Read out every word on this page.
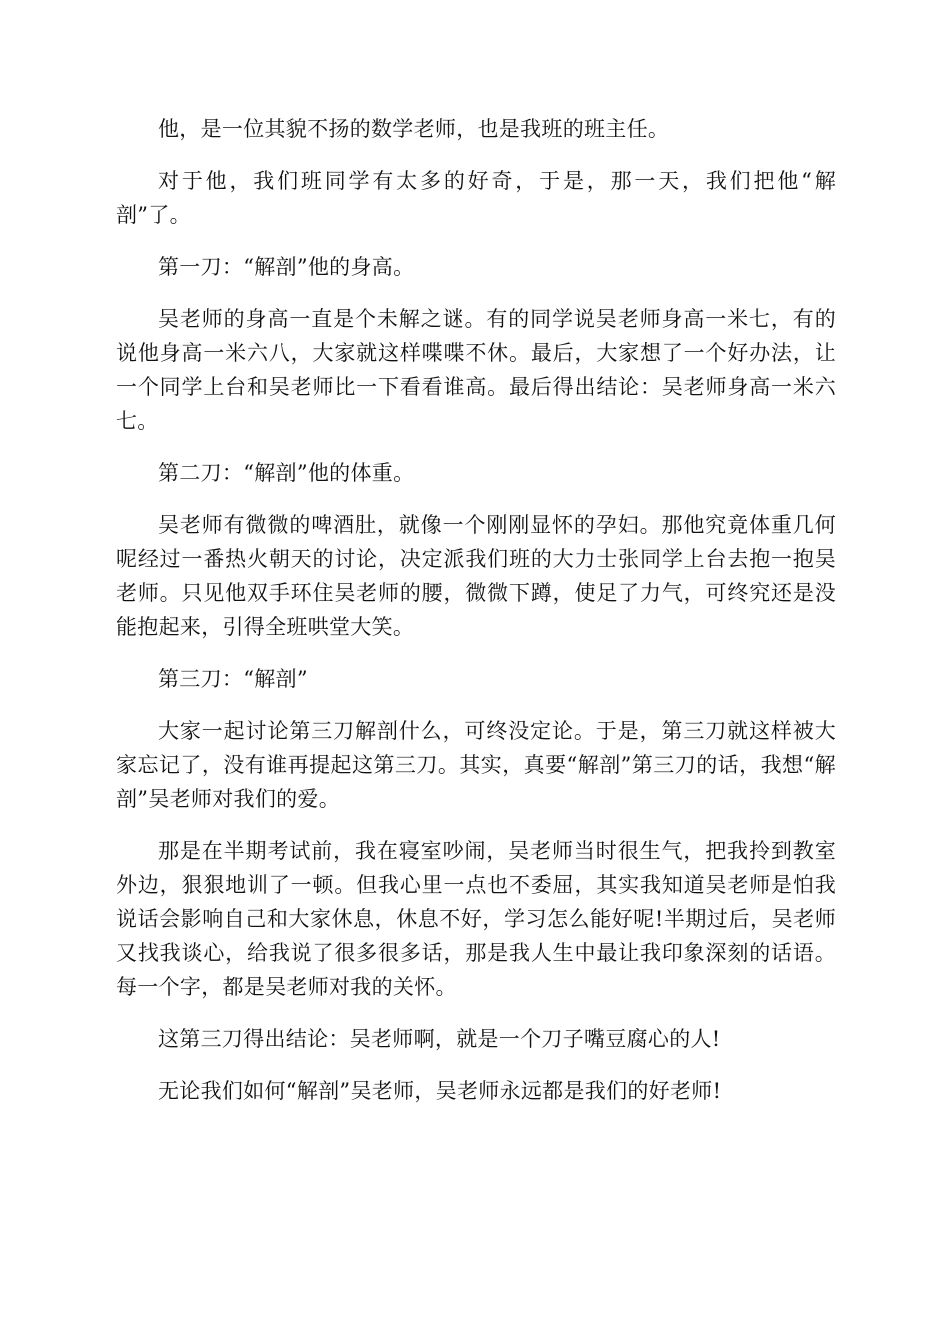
他，是一位其貌不扬的数学老师，也是我班的班主任。

对于他，我们班同学有太多的好奇，于是，那一天，我们把他“解剖”了。

第一刀：“解剖”他的身高。

吴老师的身高一直是个未解之谜。有的同学说吴老师身高一米七，有的说他身高一米六八，大家就这样喋喋不休。最后，大家想了一个好办法，让一个同学上台和吴老师比一下看看谁高。最后得出结论：吴老师身高一米六七。

第二刀：“解剖”他的体重。

吴老师有微微的啤酒肚，就像一个刚刚显怀的孕妇。那他究竟体重几何呢经过一番热火朝天的讨论，决定派我们班的大力士张同学上台去抱一抱吴老师。只见他双手环住吴老师的腰，微微下蹲，使足了力气，可终究还是没能抱起来，引得全班哄堂大笑。

第三刀：“解剖”

大家一起讨论第三刀解剖什么，可终没定论。于是，第三刀就这样被大家忘记了，没有谁再提起这第三刀。其实，真要“解剖”第三刀的话，我想“解剖”吴老师对我们的爱。

那是在半期考试前，我在寝室吵闹，吴老师当时很生气，把我拎到教室外边，狠狠地训了一顿。但我心里一点也不委屈，其实我知道吴老师是怕我说话会影响自己和大家休息，休息不好，学习怎么能好呢!半期过后，吴老师又找我谈心，给我说了很多很多话，那是我人生中最让我印象深刻的话语。每一个字，都是吴老师对我的关怀。

这第三刀得出结论：吴老师啊，就是一个刀子嘴豆腐心的人!

无论我们如何“解剖”吴老师，吴老师永远都是我们的好老师!
